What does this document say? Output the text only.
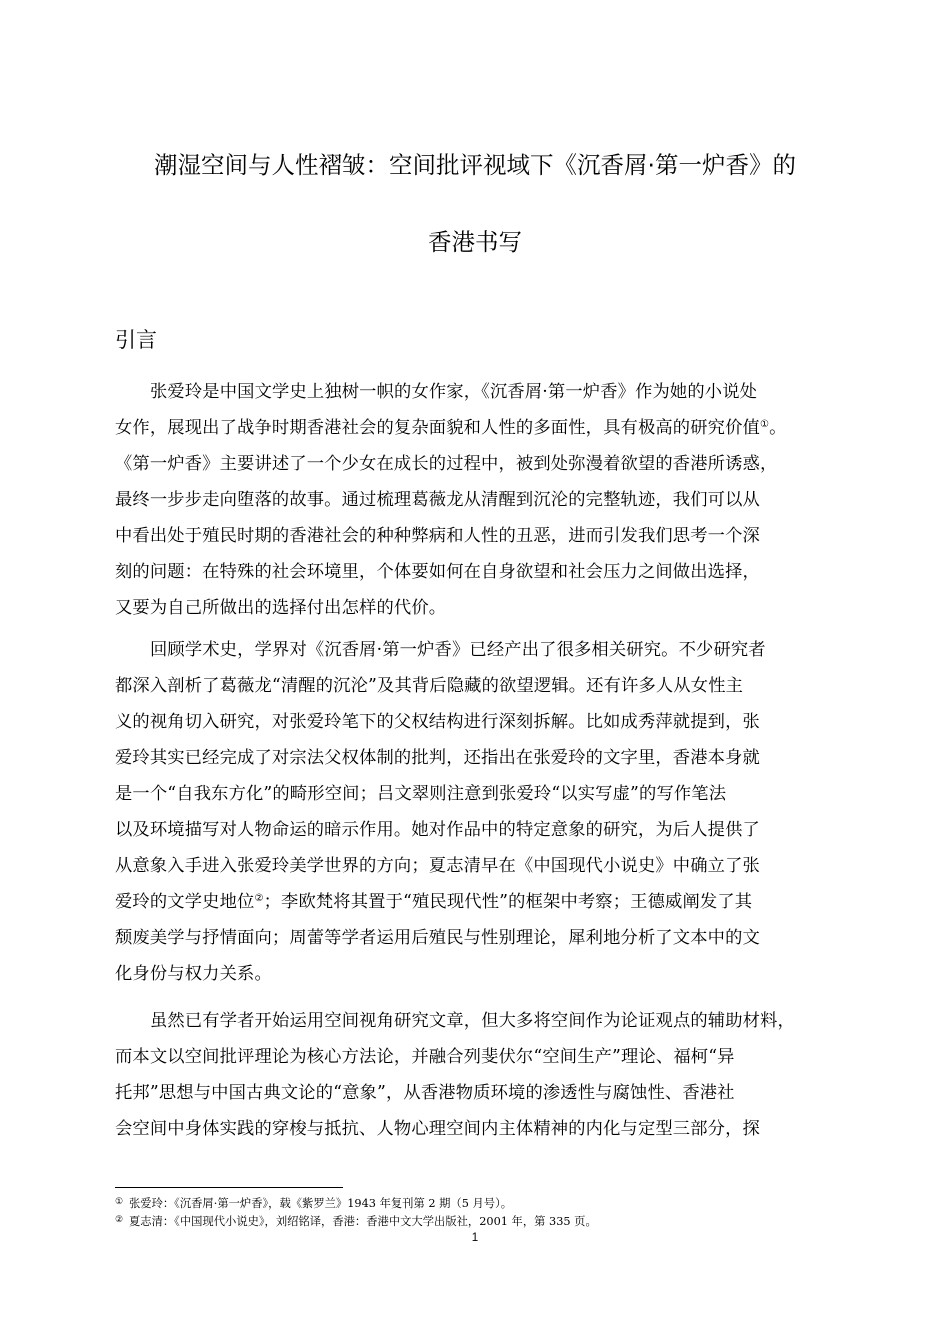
潮湿空间与人性褶皱：空间批评视域下《沉香屑·第一炉香》的
香港书写
引言
张爱玲是中国文学史上独树一帜的女作家，《沉香屑·第一炉香》作为她的小说处
女作，展现出了战争时期香港社会的复杂面貌和人性的多面性，具有极高的研究价值①。
《第一炉香》主要讲述了一个少女在成长的过程中，被到处弥漫着欲望的香港所诱惑，
最终一步步走向堕落的故事。通过梳理葛薇龙从清醒到沉沦的完整轨迹，我们可以从
中看出处于殖民时期的香港社会的种种弊病和人性的丑恶，进而引发我们思考一个深
刻的问题：在特殊的社会环境里，个体要如何在自身欲望和社会压力之间做出选择，
又要为自己所做出的选择付出怎样的代价。
回顾学术史，学界对《沉香屑·第一炉香》已经产出了很多相关研究。不少研究者
都深入剖析了葛薇龙“清醒的沉沦”及其背后隐藏的欲望逻辑。还有许多人从女性主
义的视角切入研究，对张爱玲笔下的父权结构进行深刻拆解。比如成秀萍就提到，张
爱玲其实已经完成了对宗法父权体制的批判，还指出在张爱玲的文字里，香港本身就
是一个“自我东方化”的畸形空间；吕文翠则注意到张爱玲“以实写虚”的写作笔法
以及环境描写对人物命运的暗示作用。她对作品中的特定意象的研究，为后人提供了
从意象入手进入张爱玲美学世界的方向；夏志清早在《中国现代小说史》中确立了张
爱玲的文学史地位②；李欧梵将其置于“殖民现代性”的框架中考察；王德威阐发了其
颓废美学与抒情面向；周蕾等学者运用后殖民与性别理论，犀利地分析了文本中的文
化身份与权力关系。
虽然已有学者开始运用空间视角研究文章，但大多将空间作为论证观点的辅助材料，
而本文以空间批评理论为核心方法论，并融合列斐伏尔“空间生产”理论、福柯“异
托邦”思想与中国古典文论的“意象”，从香港物质环境的渗透性与腐蚀性、香港社
会空间中身体实践的穿梭与抵抗、人物心理空间内主体精神的内化与定型三部分，探
① 张爱玲：《沉香屑·第一炉香》，载《紫罗兰》1943 年复刊第 2 期（5 月号）。
② 夏志清：《中国现代小说史》，刘绍铭译，香港：香港中文大学出版社，2001 年，第 335 页。
1
